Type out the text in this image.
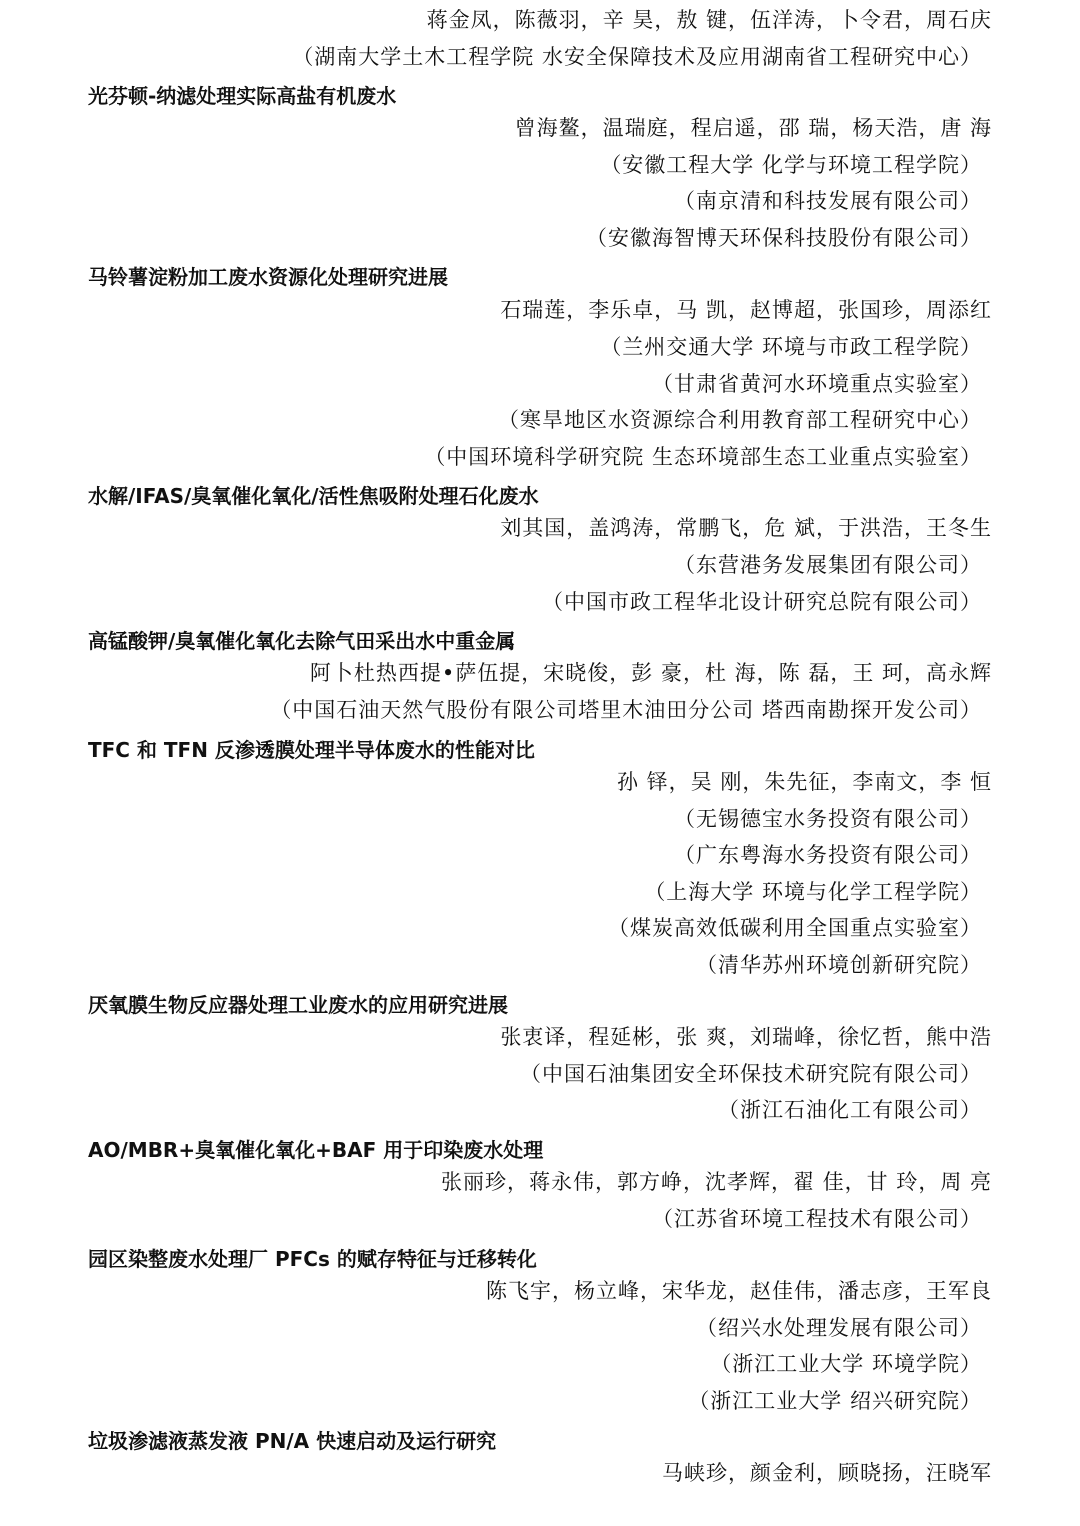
蒋金凤，陈薇羽，辛 昊，敖 键，伍洋涛，卜令君，周石庆
（湖南大学土木工程学院 水安全保障技术及应用湖南省工程研究中心）
光芬顿-纳滤处理实际高盐有机废水
曾海鳌，温瑞庭，程启遥，邵 瑞，杨天浩，唐 海
（安徽工程大学 化学与环境工程学院）
（南京清和科技发展有限公司）
（安徽海智博天环保科技股份有限公司）
马铃薯淀粉加工废水资源化处理研究进展
石瑞莲，李乐卓，马 凯，赵博超，张国珍，周添红
（兰州交通大学 环境与市政工程学院）
（甘肃省黄河水环境重点实验室）
（寒旱地区水资源综合利用教育部工程研究中心）
（中国环境科学研究院 生态环境部生态工业重点实验室）
水解/IFAS/臭氧催化氧化/活性焦吸附处理石化废水
刘其国，盖鸿涛，常鹏飞，危 斌，于洪浩，王冬生
（东营港务发展集团有限公司）
（中国市政工程华北设计研究总院有限公司）
高锰酸钾/臭氧催化氧化去除气田采出水中重金属
阿卜杜热西提•萨伍提，宋晓俊，彭 豪，杜 海，陈 磊，王 珂，高永辉
（中国石油天然气股份有限公司塔里木油田分公司 塔西南勘探开发公司）
TFC 和 TFN 反渗透膜处理半导体废水的性能对比
孙 铎，吴 刚，朱先征，李南文，李 恒
（无锡德宝水务投资有限公司）
（广东粤海水务投资有限公司）
（上海大学 环境与化学工程学院）
（煤炭高效低碳利用全国重点实验室）
（清华苏州环境创新研究院）
厌氧膜生物反应器处理工业废水的应用研究进展
张衷译，程延彬，张 爽，刘瑞峰，徐忆哲，熊中浩
（中国石油集团安全环保技术研究院有限公司）
（浙江石油化工有限公司）
AO/MBR+臭氧催化氧化+BAF 用于印染废水处理
张丽珍，蒋永伟，郭方峥，沈孝辉，翟 佳，甘 玲，周 亮
（江苏省环境工程技术有限公司）
园区染整废水处理厂 PFCs 的赋存特征与迁移转化
陈飞宇，杨立峰，宋华龙，赵佳伟，潘志彦，王军良
（绍兴水处理发展有限公司）
（浙江工业大学 环境学院）
（浙江工业大学 绍兴研究院）
垃圾渗滤液蒸发液 PN/A 快速启动及运行研究
马峡珍，颜金利，顾晓扬，汪晓军
